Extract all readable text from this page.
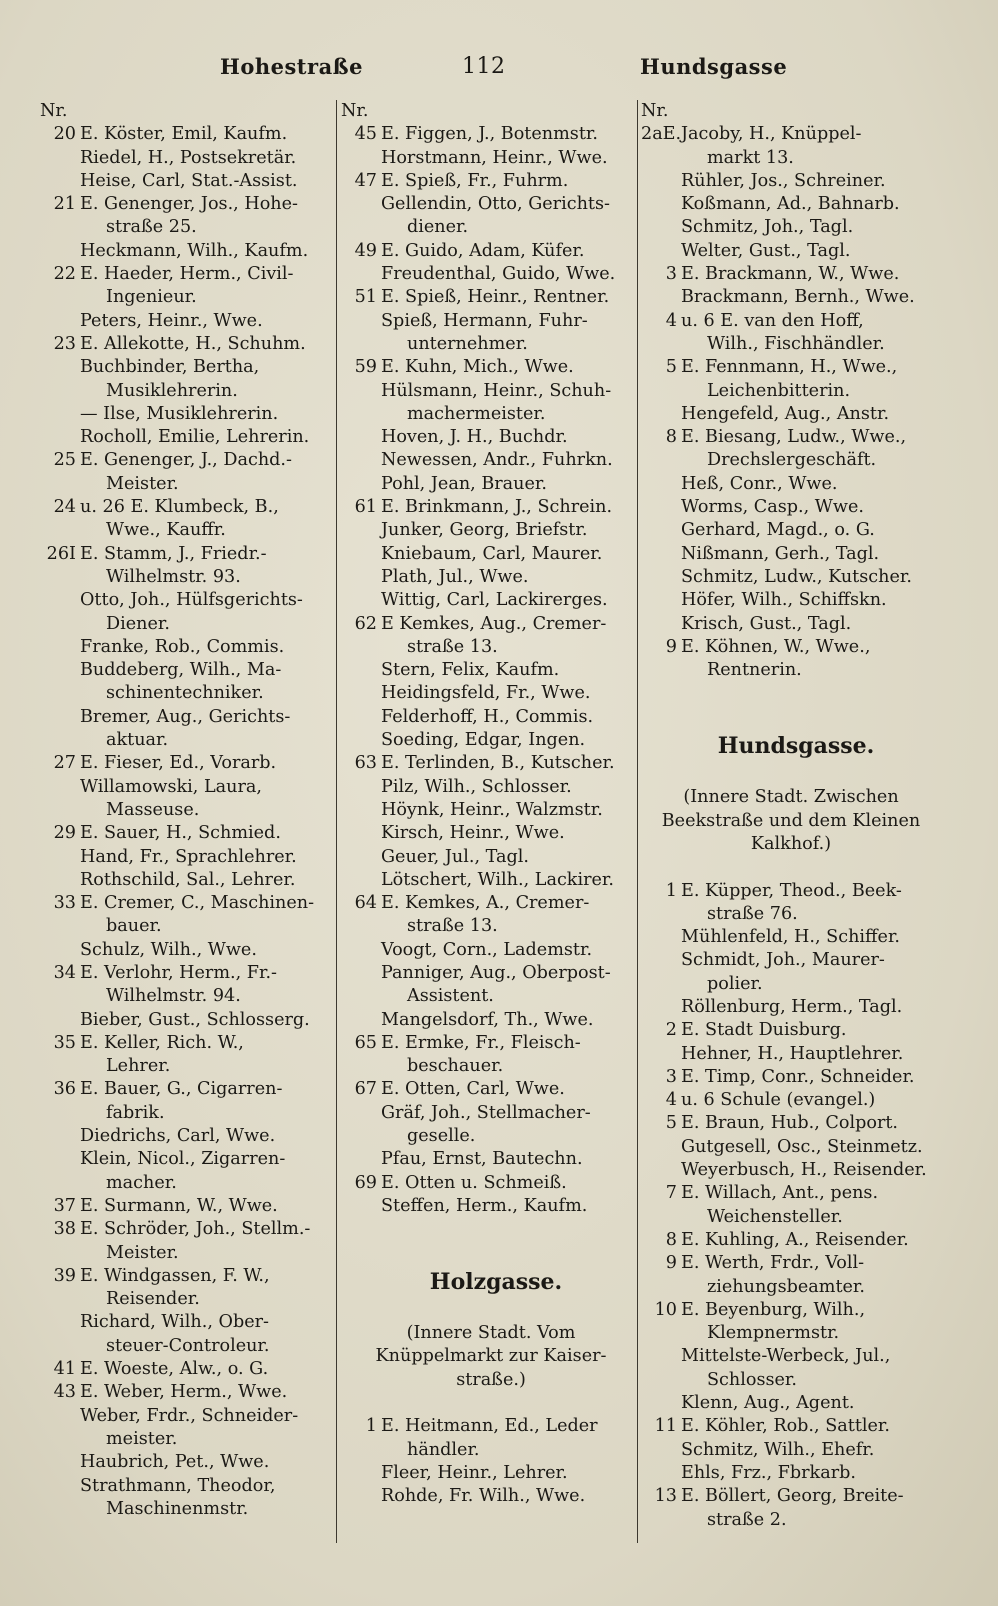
Hohestraße	112	Hundsgasse
Nr.
20 E. Köster, Emil, Kaufm.
Riedel, H., Postsekretär.
Heise, Carl, Stat.-Assist.
21 E. Genenger, Jos., Hohe-
straße 25.
Heckmann, Wilh., Kaufm.
22 E. Haeder, Herm., Civil-
Ingenieur.
Peters, Heinr., Wwe.
23 E. Allekotte, H., Schuhm.
Buchbinder, Bertha,
Musiklehrerin.
— Ilse, Musiklehrerin.
Rocholl, Emilie, Lehrerin.
25 E. Genenger, J., Dachd.-
Meister.
24 u. 26 E. Klumbeck, B.,
Wwe., Kauffr.
26I E. Stamm, J., Friedr.-
Wilhelmstr. 93.
Otto, Joh., Hülfsgerichts-
Diener.
Franke, Rob., Commis.
Buddeberg, Wilh., Ma-
schinentechniker.
Bremer, Aug., Gerichts-
aktuar.
27 E. Fieser, Ed., Vorarb.
Willamowski, Laura,
Masseuse.
29 E. Sauer, H., Schmied.
Hand, Fr., Sprachlehrer.
Rothschild, Sal., Lehrer.
33 E. Cremer, C., Maschinen-
bauer.
Schulz, Wilh., Wwe.
34 E. Verlohr, Herm., Fr.-
Wilhelmstr. 94.
Bieber, Gust., Schlosserg.
35 E. Keller, Rich. W.,
Lehrer.
36 E. Bauer, G., Cigarren-
fabrik.
Diedrichs, Carl, Wwe.
Klein, Nicol., Zigarren-
macher.
37 E. Surmann, W., Wwe.
38 E. Schröder, Joh., Stellm.-
Meister.
39 E. Windgassen, F. W.,
Reisender.
Richard, Wilh., Ober-
steuer-Controleur.
41 E. Woeste, Alw., o. G.
43 E. Weber, Herm., Wwe.
Weber, Frdr., Schneider-
meister.
Haubrich, Pet., Wwe.
Strathmann, Theodor,
Maschinenmstr.
Nr.
45 E. Figgen, J., Botenmstr.
Horstmann, Heinr., Wwe.
47 E. Spieß, Fr., Fuhrm.
Gellendin, Otto, Gerichts-
diener.
49 E. Guido, Adam, Küfer.
Freudenthal, Guido, Wwe.
51 E. Spieß, Heinr., Rentner.
Spieß, Hermann, Fuhr-
unternehmer.
59 E. Kuhn, Mich., Wwe.
Hülsmann, Heinr., Schuh-
machermeister.
Hoven, J. H., Buchdr.
Newessen, Andr., Fuhrkn.
Pohl, Jean, Brauer.
61 E. Brinkmann, J., Schrein.
Junker, Georg, Briefstr.
Kniebaum, Carl, Maurer.
Plath, Jul., Wwe.
Wittig, Carl, Lackirerges.
62 E Kemkes, Aug., Cremer-
straße 13.
Stern, Felix, Kaufm.
Heidingsfeld, Fr., Wwe.
Felderhoff, H., Commis.
Soeding, Edgar, Ingen.
63 E. Terlinden, B., Kutscher.
Pilz, Wilh., Schlosser.
Höynk, Heinr., Walzmstr.
Kirsch, Heinr., Wwe.
Geuer, Jul., Tagl.
Lötschert, Wilh., Lackirer.
64 E. Kemkes, A., Cremer-
straße 13.
Voogt, Corn., Lademstr.
Panniger, Aug., Oberpost-
Assistent.
Mangelsdorf, Th., Wwe.
65 E. Ermke, Fr., Fleisch-
beschauer.
67 E. Otten, Carl, Wwe.
Gräf, Joh., Stellmacher-
geselle.
Pfau, Ernst, Bautechn.
69 E. Otten u. Schmeiß.
Steffen, Herm., Kaufm.
Holzgasse.
(Innere Stadt. Vom
Knüppelmarkt zur Kaiser-
straße.)
1 E. Heitmann, Ed., Leder
händler.
Fleer, Heinr., Lehrer.
Rohde, Fr. Wilh., Wwe.
Nr.
2aE.Jacoby, H., Knüppel-
markt 13.
Rühler, Jos., Schreiner.
Koßmann, Ad., Bahnarb.
Schmitz, Joh., Tagl.
Welter, Gust., Tagl.
3 E. Brackmann, W., Wwe.
Brackmann, Bernh., Wwe.
4 u. 6 E. van den Hoff,
Wilh., Fischhändler.
5 E. Fennmann, H., Wwe.,
Leichenbitterin.
Hengefeld, Aug., Anstr.
8 E. Biesang, Ludw., Wwe.,
Drechslergeschäft.
Heß, Conr., Wwe.
Worms, Casp., Wwe.
Gerhard, Magd., o. G.
Nißmann, Gerh., Tagl.
Schmitz, Ludw., Kutscher.
Höfer, Wilh., Schiffskn.
Krisch, Gust., Tagl.
9 E. Köhnen, W., Wwe.,
Rentnerin.
Hundsgasse.
(Innere Stadt. Zwischen
Beekstraße und dem Kleinen
Kalkhof.)
1 E. Küpper, Theod., Beek-
straße 76.
Mühlenfeld, H., Schiffer.
Schmidt, Joh., Maurer-
polier.
Röllenburg, Herm., Tagl.
2 E. Stadt Duisburg.
Hehner, H., Hauptlehrer.
3 E. Timp, Conr., Schneider.
4 u. 6 Schule (evangel.)
5 E. Braun, Hub., Colport.
Gutgesell, Osc., Steinmetz.
Weyerbusch, H., Reisender.
7 E. Willach, Ant., pens.
Weichensteller.
8 E. Kuhling, A., Reisender.
9 E. Werth, Frdr., Voll-
ziehungsbeamter.
10 E. Beyenburg, Wilh.,
Klempnermstr.
Mittelste-Werbeck, Jul.,
Schlosser.
Klenn, Aug., Agent.
11 E. Köhler, Rob., Sattler.
Schmitz, Wilh., Ehefr.
Ehls, Frz., Fbrkarb.
13 E. Böllert, Georg, Breite-
straße 2.
